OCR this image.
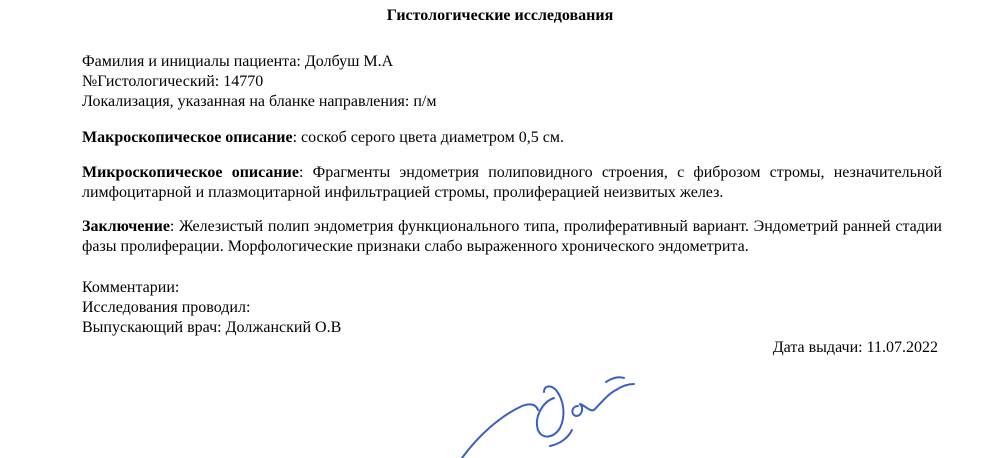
Гистологические исследования
Фамилия и инициалы пациента: Долбуш М.А
№Гистологический: 14770
Локализация, указанная на бланке направления: п/м
Макроскопическое описание: соскоб серого цвета диаметром 0,5 см.
Микроскопическое описание: Фрагменты эндометрия полиповидного строения, с фиброзом стромы, незначительной лимфоцитарной и плазмоцитарной инфильтрацией стромы, пролиферацией неизвитых желез.
Заключение: Железистый полип эндометрия функционального типа, пролиферативный вариант. Эндометрий ранней стадии фазы пролиферации. Морфологические признаки слабо выраженного хронического эндометрита.
Комментарии:
Исследования проводил:
Выпускающий врач: Должанский О.В
Дата выдачи: 11.07.2022
